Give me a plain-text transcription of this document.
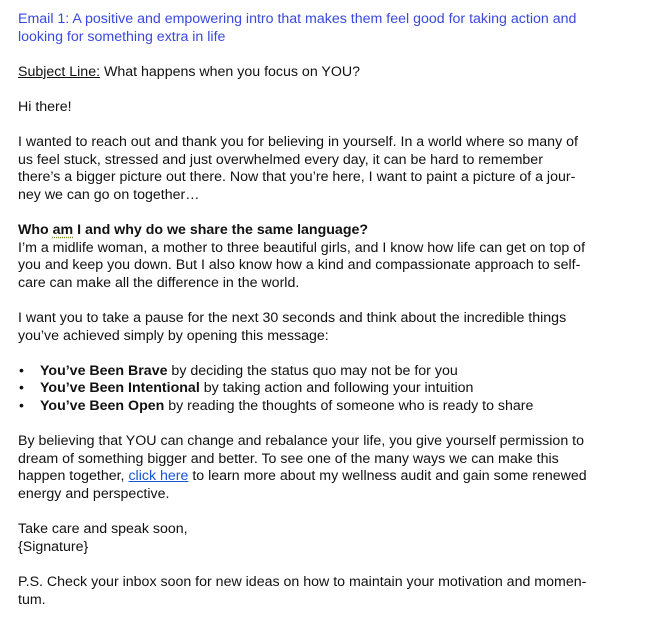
Email 1: A positive and empowering intro that makes them feel good for taking action and
looking for something extra in life
Subject Line: What happens when you focus on YOU?
Hi there!
I wanted to reach out and thank you for believing in yourself. In a world where so many of
us feel stuck, stressed and just overwhelmed every day, it can be hard to remember
there’s a bigger picture out there. Now that you’re here, I want to paint a picture of a jour-
ney we can go on together…
Who am I and why do we share the same language?
I’m a midlife woman, a mother to three beautiful girls, and I know how life can get on top of
you and keep you down. But I also know how a kind and compassionate approach to self-
care can make all the difference in the world.
I want you to take a pause for the next 30 seconds and think about the incredible things
you’ve achieved simply by opening this message:
• You’ve Been Brave by deciding the status quo may not be for you
• You’ve Been Intentional by taking action and following your intuition
• You’ve Been Open by reading the thoughts of someone who is ready to share
By believing that YOU can change and rebalance your life, you give yourself permission to
dream of something bigger and better. To see one of the many ways we can make this
happen together, click here to learn more about my wellness audit and gain some renewed
energy and perspective.
Take care and speak soon,
{Signature}
P.S. Check your inbox soon for new ideas on how to maintain your motivation and momen-
tum.
